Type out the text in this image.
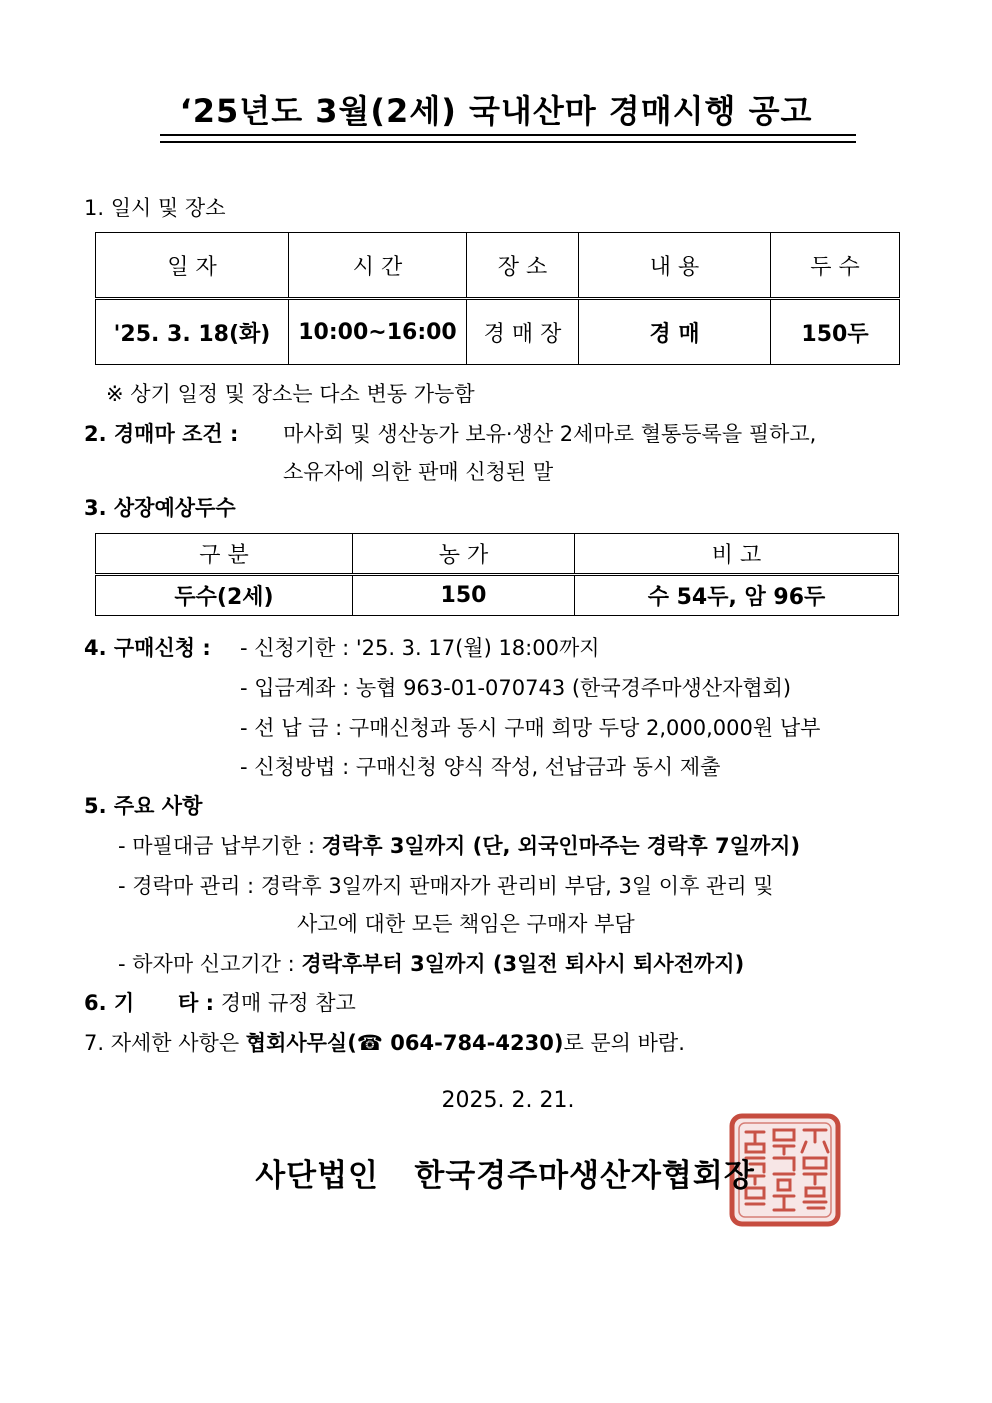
‘25년도 3월(2세) 국내산마 경매시행 공고
1. 일시 및 장소
일 자	시 간	장 소	내 용	두 수
'25. 3. 18(화)	10:00~16:00	경 매 장	경 매	150두
※ 상기 일정 및 장소는 다소 변동 가능함
2. 경매마 조건 : 마사회 및 생산농가 보유·생산 2세마로 혈통등록을 필하고,
소유자에 의한 판매 신청된 말
3. 상장예상두수
구 분	농 가	비 고
두수(2세)	150	수 54두, 암 96두
4. 구매신청 : - 신청기한 : '25. 3. 17(월) 18:00까지
- 입금계좌 : 농협 963-01-070743 (한국경주마생산자협회)
- 선 납 금 : 구매신청과 동시 구매 희망 두당 2,000,000원 납부
- 신청방법 : 구매신청 양식 작성, 선납금과 동시 제출
5. 주요 사항
- 마필대금 납부기한 : 경락후 3일까지 (단, 외국인마주는 경락후 7일까지)
- 경락마 관리 : 경락후 3일까지 판매자가 관리비 부담, 3일 이후 관리 및
사고에 대한 모든 책임은 구매자 부담
- 하자마 신고기간 : 경락후부터 3일까지 (3일전 퇴사시 퇴사전까지)
6. 기      타 : 경매 규정 참고
7. 자세한 사항은 협회사무실(☎ 064-784-4230)로 문의 바람.
2025. 2. 21.
사단법인   한국경주마생산자협회장
